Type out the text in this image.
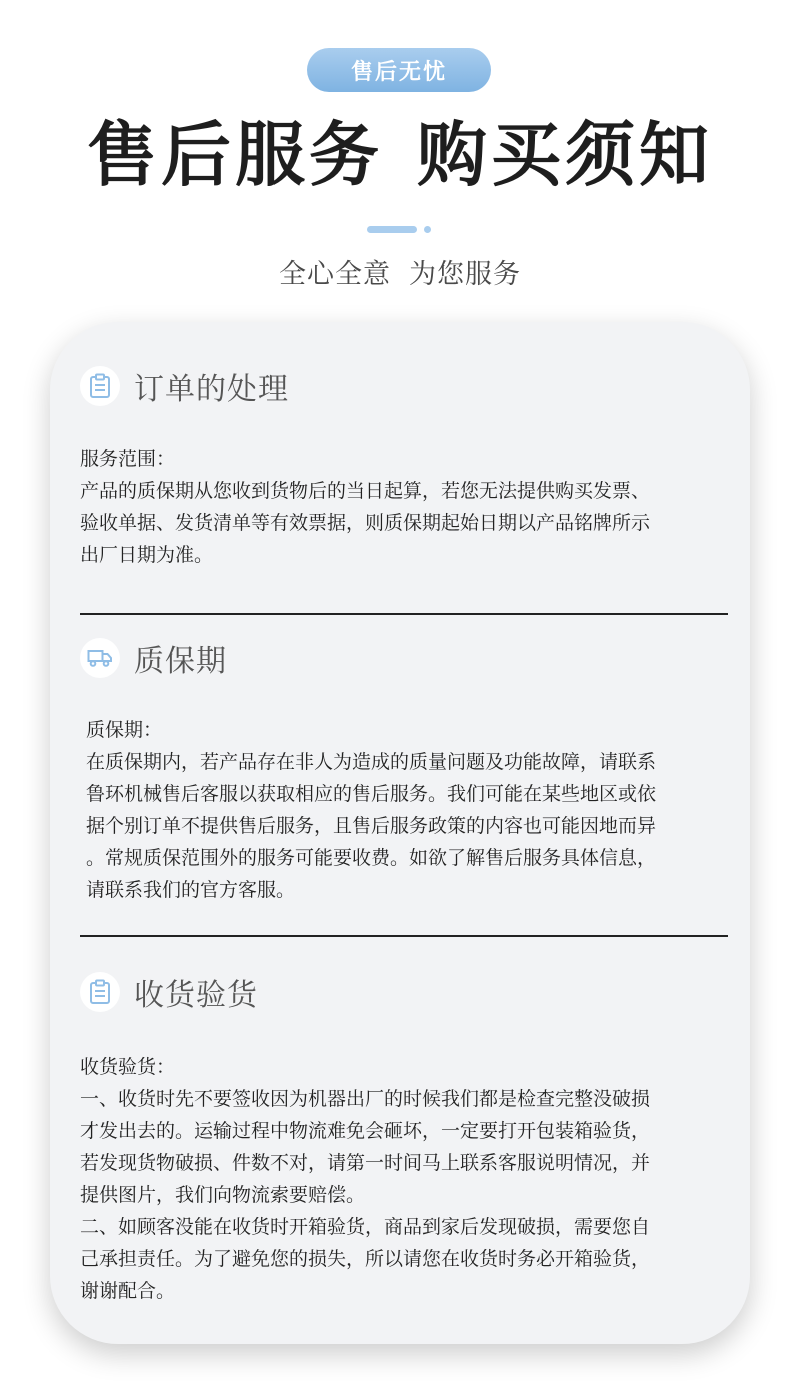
售后无忧
售后服务 购买须知
全心全意 为您服务
订单的处理
服务范围：
产品的质保期从您收到货物后的当日起算，若您无法提供购买发票、
验收单据、发货清单等有效票据，则质保期起始日期以产品铭牌所示
出厂日期为准。
质保期
质保期：
在质保期内，若产品存在非人为造成的质量问题及功能故障，请联系
鲁环机械售后客服以获取相应的售后服务。我们可能在某些地区或依
据个别订单不提供售后服务，且售后服务政策的内容也可能因地而异
。常规质保范围外的服务可能要收费。如欲了解售后服务具体信息，
请联系我们的官方客服。
收货验货
收货验货：
一、收货时先不要签收因为机器出厂的时候我们都是检查完整没破损
才发出去的。运输过程中物流难免会砸坏，一定要打开包装箱验货，
若发现货物破损、件数不对，请第一时间马上联系客服说明情况，并
提供图片，我们向物流索要赔偿。
二、如顾客没能在收货时开箱验货，商品到家后发现破损，需要您自
己承担责任。为了避免您的损失，所以请您在收货时务必开箱验货，
谢谢配合。
